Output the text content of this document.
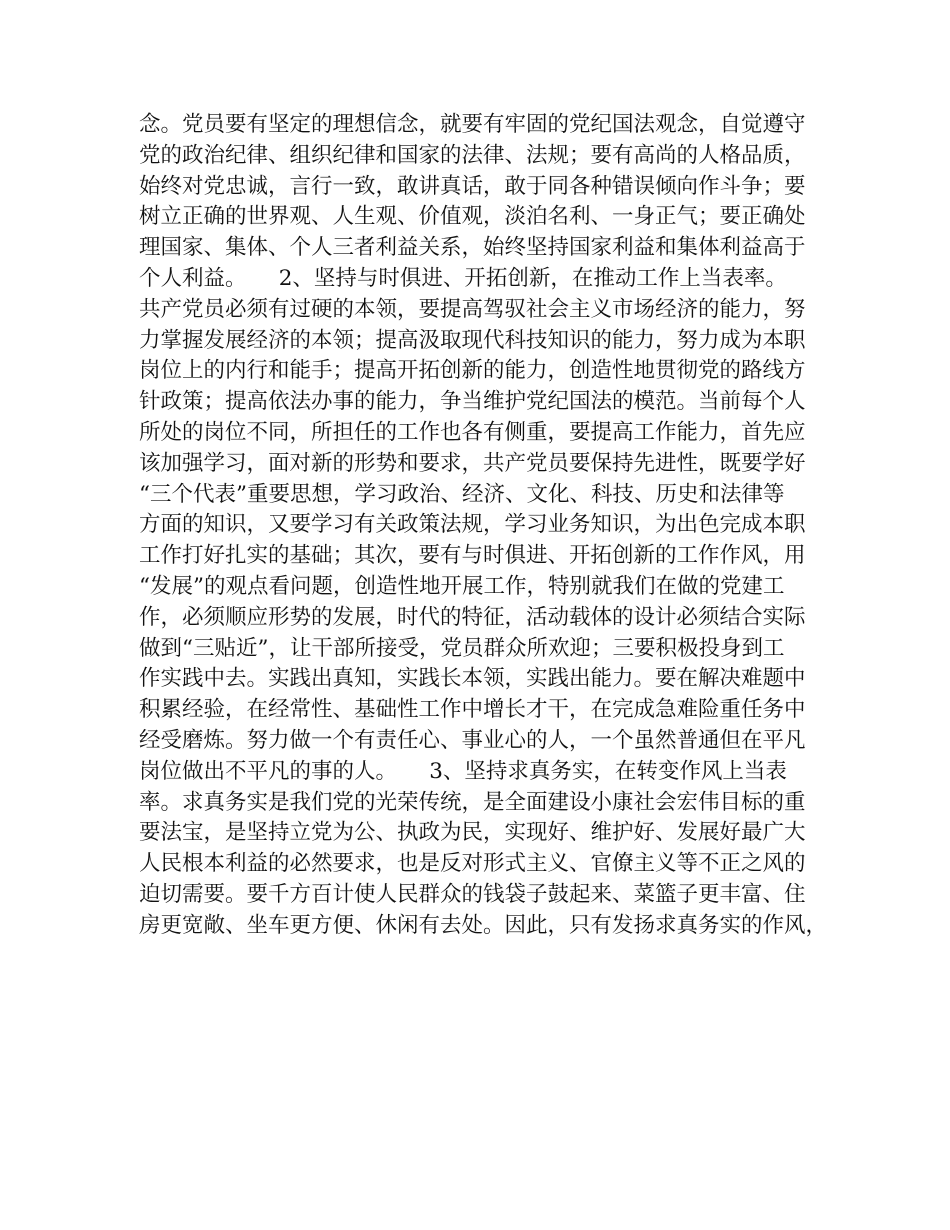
念。党员要有坚定的理想信念，就要有牢固的党纪国法观念，自觉遵守
党的政治纪律、组织纪律和国家的法律、法规；要有高尚的人格品质，
始终对党忠诚，言行一致，敢讲真话，敢于同各种错误倾向作斗争；要
树立正确的世界观、人生观、价值观，淡泊名利、一身正气；要正确处
理国家、集体、个人三者利益关系，始终坚持国家利益和集体利益高于
个人利益。　　2、坚持与时俱进、开拓创新，在推动工作上当表率。
共产党员必须有过硬的本领，要提高驾驭社会主义市场经济的能力，努
力掌握发展经济的本领；提高汲取现代科技知识的能力，努力成为本职
岗位上的内行和能手；提高开拓创新的能力，创造性地贯彻党的路线方
针政策；提高依法办事的能力，争当维护党纪国法的模范。当前每个人
所处的岗位不同，所担任的工作也各有侧重，要提高工作能力，首先应
该加强学习，面对新的形势和要求，共产党员要保持先进性，既要学好
“三个代表”重要思想，学习政治、经济、文化、科技、历史和法律等
方面的知识，又要学习有关政策法规，学习业务知识，为出色完成本职
工作打好扎实的基础；其次，要有与时俱进、开拓创新的工作作风，用
“发展”的观点看问题，创造性地开展工作，特别就我们在做的党建工
作，必须顺应形势的发展，时代的特征，活动载体的设计必须结合实际
做到“三贴近”，让干部所接受，党员群众所欢迎；三要积极投身到工
作实践中去。实践出真知，实践长本领，实践出能力。要在解决难题中
积累经验，在经常性、基础性工作中增长才干，在完成急难险重任务中
经受磨炼。努力做一个有责任心、事业心的人，一个虽然普通但在平凡
岗位做出不平凡的事的人。　　3、坚持求真务实，在转变作风上当表
率。求真务实是我们党的光荣传统，是全面建设小康社会宏伟目标的重
要法宝，是坚持立党为公、执政为民，实现好、维护好、发展好最广大
人民根本利益的必然要求，也是反对形式主义、官僚主义等不正之风的
迫切需要。要千方百计使人民群众的钱袋子鼓起来、菜篮子更丰富、住
房更宽敞、坐车更方便、休闲有去处。因此，只有发扬求真务实的作风，
